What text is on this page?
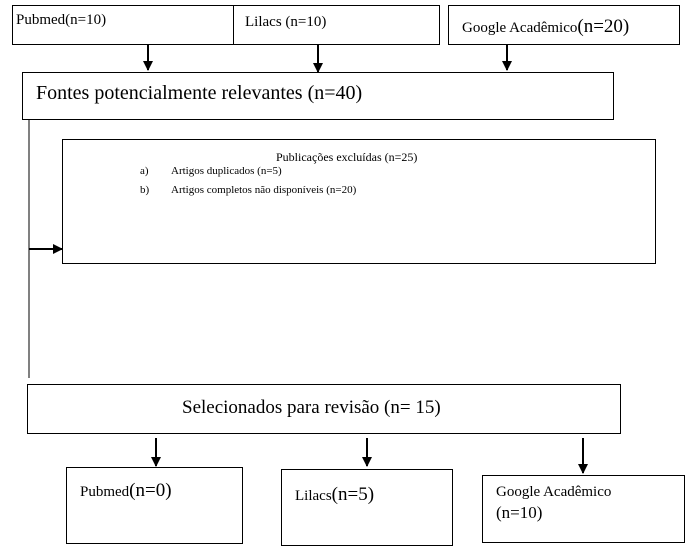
Pubmed(n=10)	Lilacs (n=10)	Google Acadêmico(n=20)
Fontes potencialmente relevantes (n=40)
Publicações excluídas (n=25)
a) Artigos duplicados (n=5)
b) Artigos completos não disponíveis (n=20)
Selecionados para revisão (n= 15)
Pubmed(n=0)	Lilacs(n=5)	Google Acadêmico
(n=10)
